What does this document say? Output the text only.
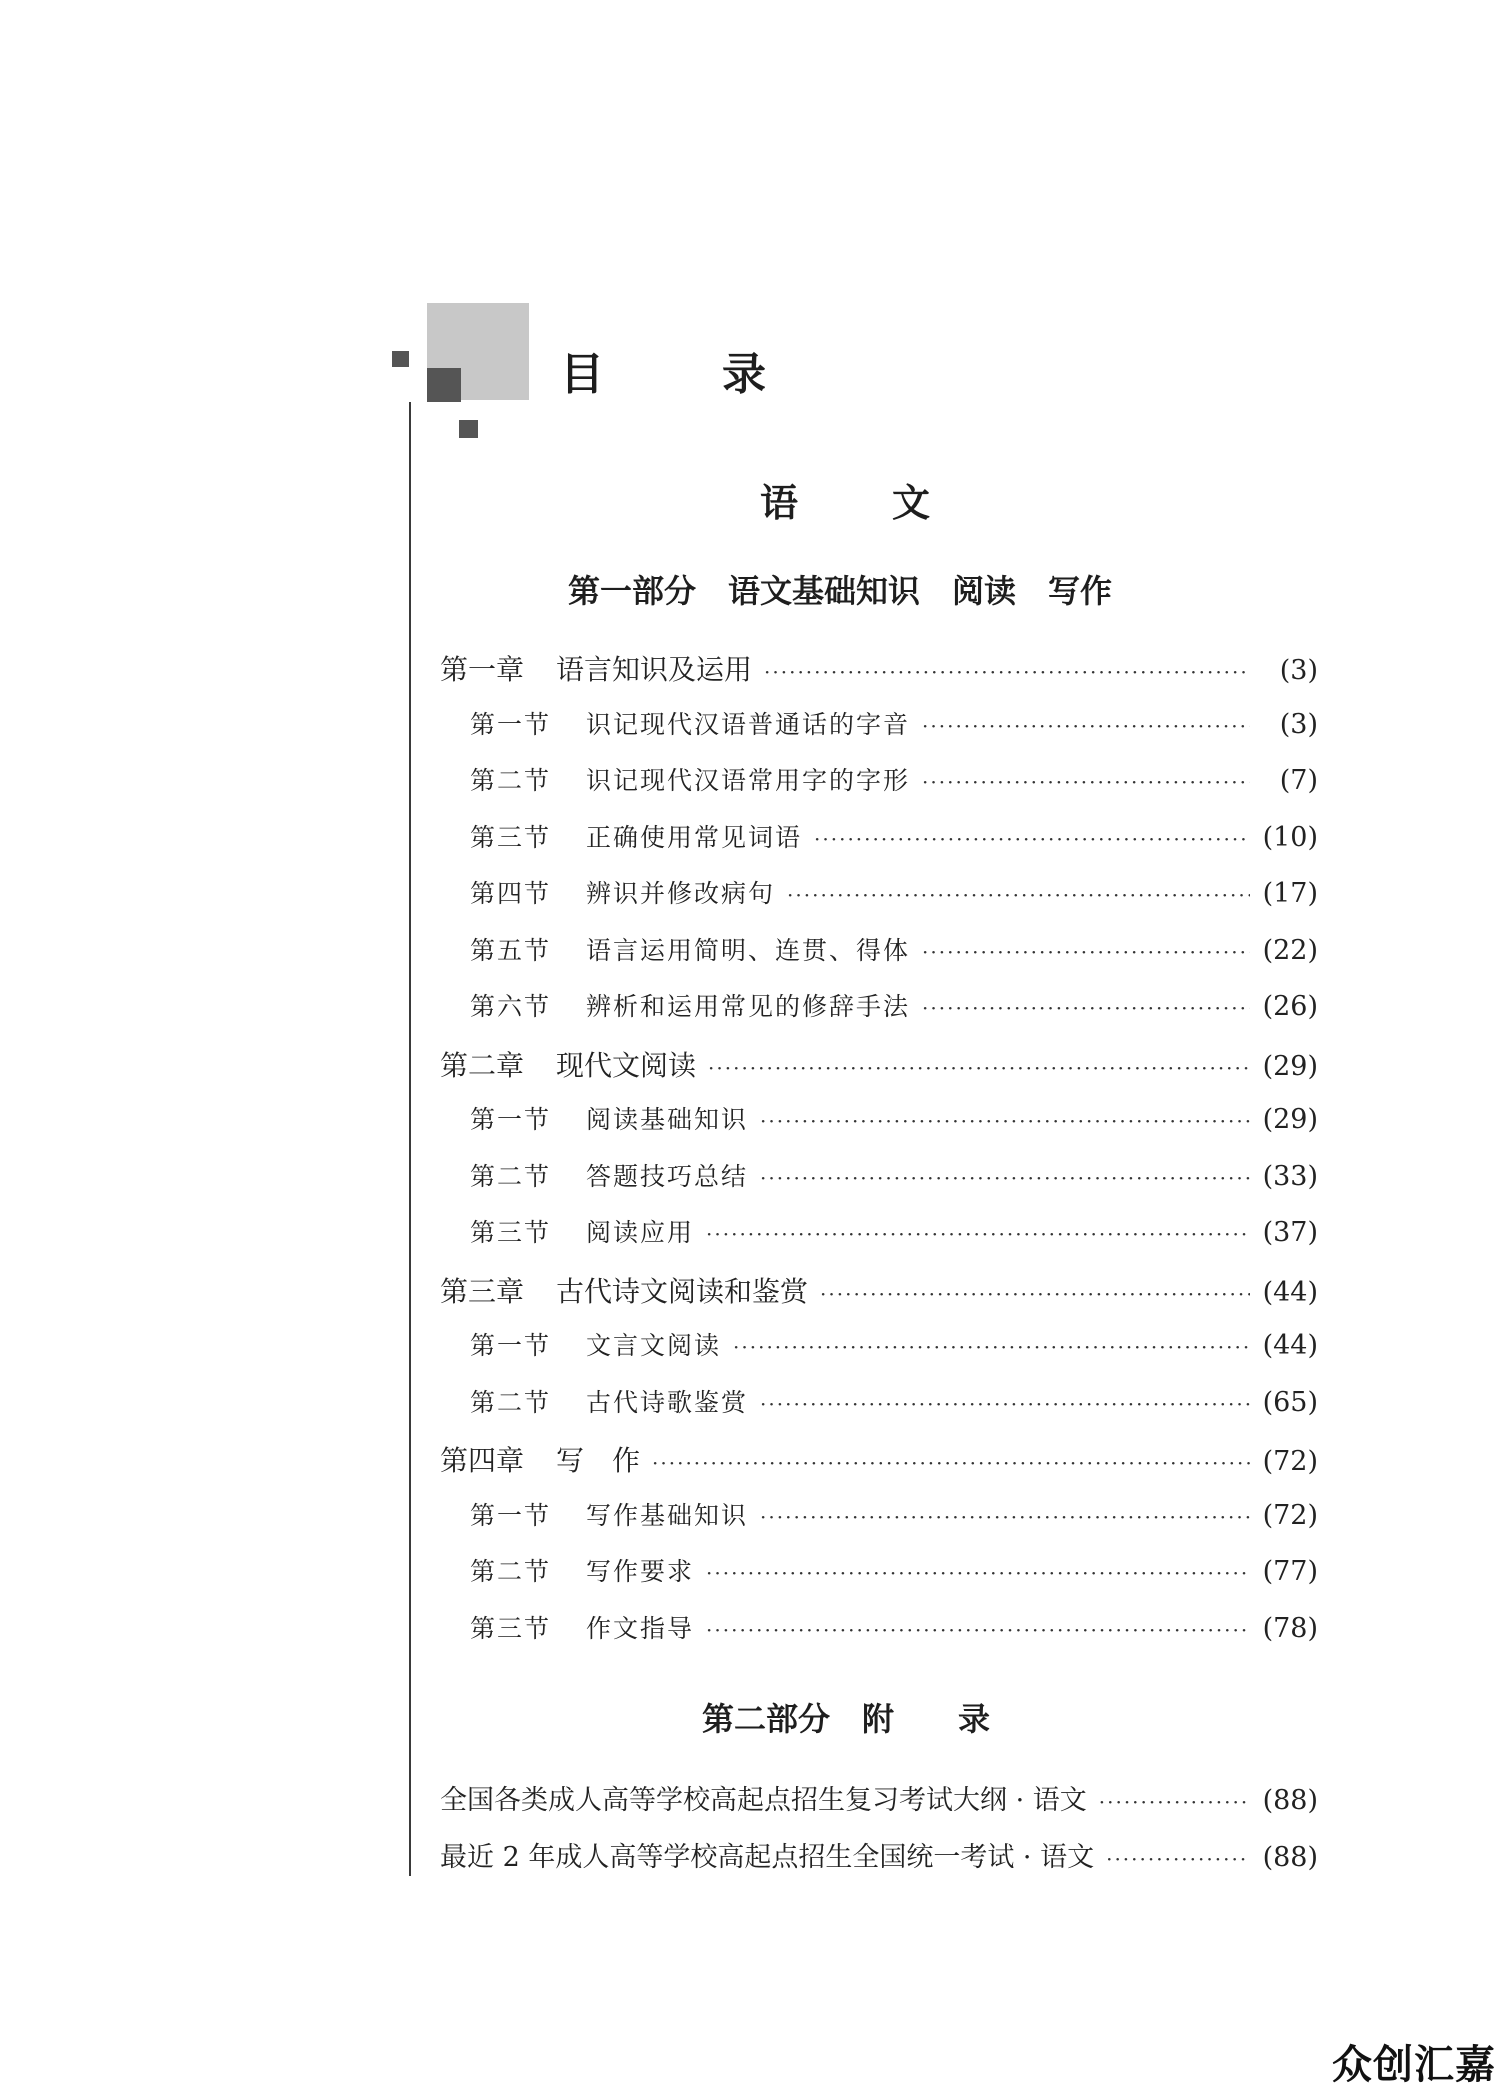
目	录
语 文
第一部分　语文基础知识　阅读　写作
第一章	语言知识及运用 ·····	(3)
第一节	识记现代汉语普通话的字音 ·····	(3)
第二节	识记现代汉语常用字的字形 ·····	(7)
第三节	正确使用常见词语 ·····	(10)
第四节	辨识并修改病句 ·····	(17)
第五节	语言运用简明、连贯、得体 ·····	(22)
第六节	辨析和运用常见的修辞手法 ·····	(26)
第二章	现代文阅读 ·····	(29)
第一节	阅读基础知识 ·····	(29)
第二节	答题技巧总结 ·····	(33)
第三节	阅读应用 ·····	(37)
第三章	古代诗文阅读和鉴赏 ·····	(44)
第一节	文言文阅读 ·····	(44)
第二节	古代诗歌鉴赏 ·····	(65)
第四章	写　作 ·····	(72)
第一节	写作基础知识 ·····	(72)
第二节	写作要求 ·····	(77)
第三节	作文指导 ·····	(78)
第二部分　附　　录
全国各类成人高等学校高起点招生复习考试大纲 · 语文 ·····	(88)
最近 2 年成人高等学校高起点招生全国统一考试 · 语文 ·····	(88)
众创汇嘉
